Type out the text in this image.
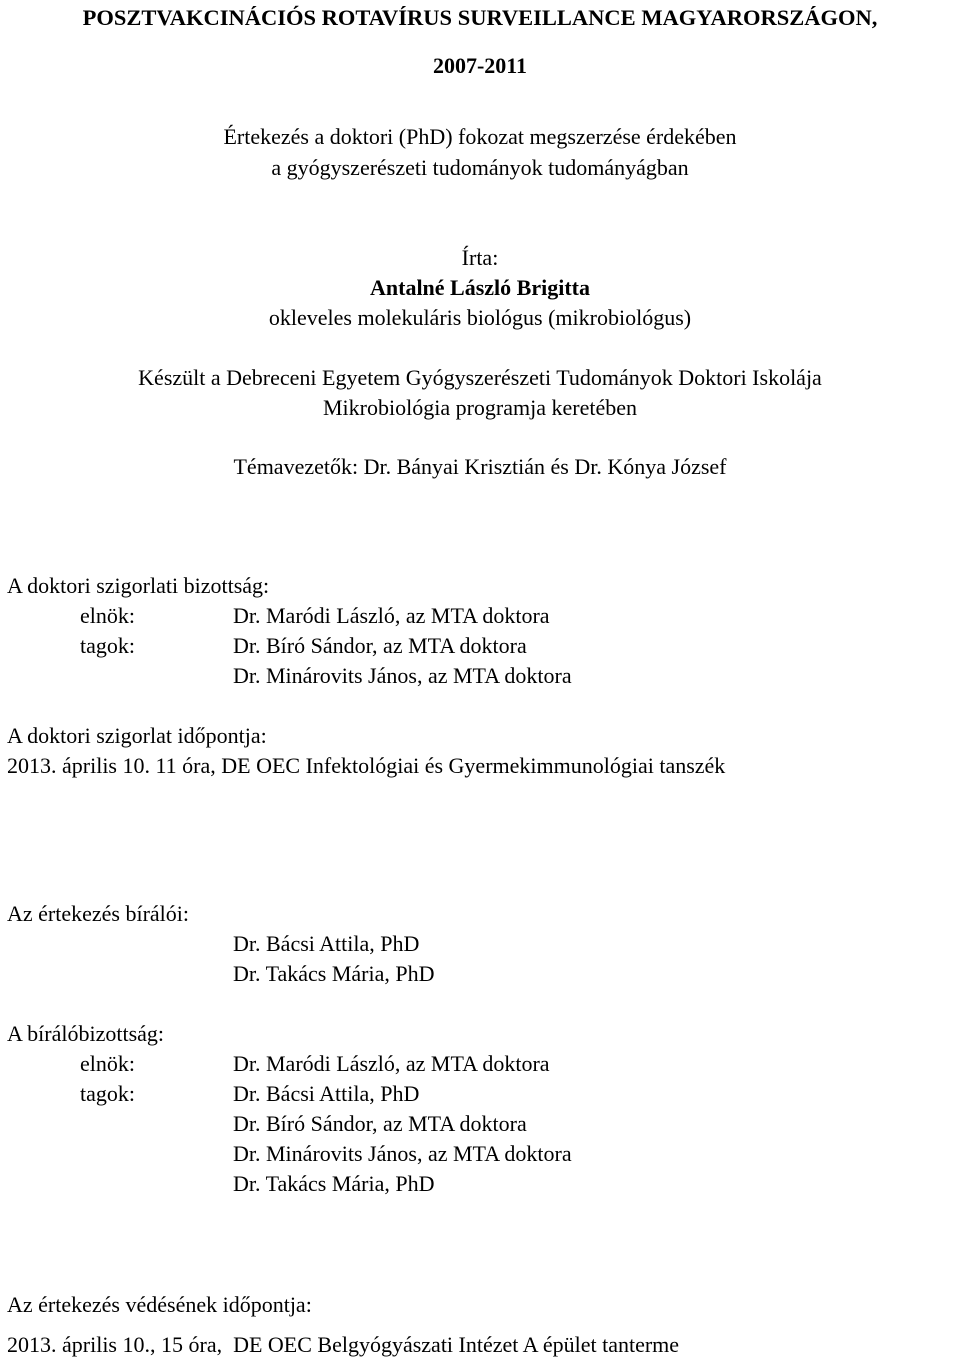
POSZTVAKCINÁCIÓS ROTAVÍRUS SURVEILLANCE MAGYARORSZÁGON,
2007-2011
Értekezés a doktori (PhD) fokozat megszerzése érdekében
a gyógyszerészeti tudományok tudományágban
Írta:
Antalné László Brigitta
okleveles molekuláris biológus (mikrobiológus)
Készült a Debreceni Egyetem Gyógyszerészeti Tudományok Doktori Iskolája
Mikrobiológia programja keretében
Témavezetők: Dr. Bányai Krisztián és Dr. Kónya József
A doktori szigorlati bizottság:
elnök:	Dr. Maródi László, az MTA doktora
tagok:	Dr. Bíró Sándor, az MTA doktora
Dr. Minárovits János, az MTA doktora
A doktori szigorlat időpontja:
2013. április 10. 11 óra, DE OEC Infektológiai és Gyermekimmunológiai tanszék
Az értekezés bírálói:
Dr. Bácsi Attila, PhD
Dr. Takács Mária, PhD
A bírálóbizottság:
elnök:	Dr. Maródi László, az MTA doktora
tagok:	Dr. Bácsi Attila, PhD
Dr. Bíró Sándor, az MTA doktora
Dr. Minárovits János, az MTA doktora
Dr. Takács Mária, PhD
Az értekezés védésének időpontja:
2013. április 10., 15 óra,  DE OEC Belgyógyászati Intézet A épület tanterme
